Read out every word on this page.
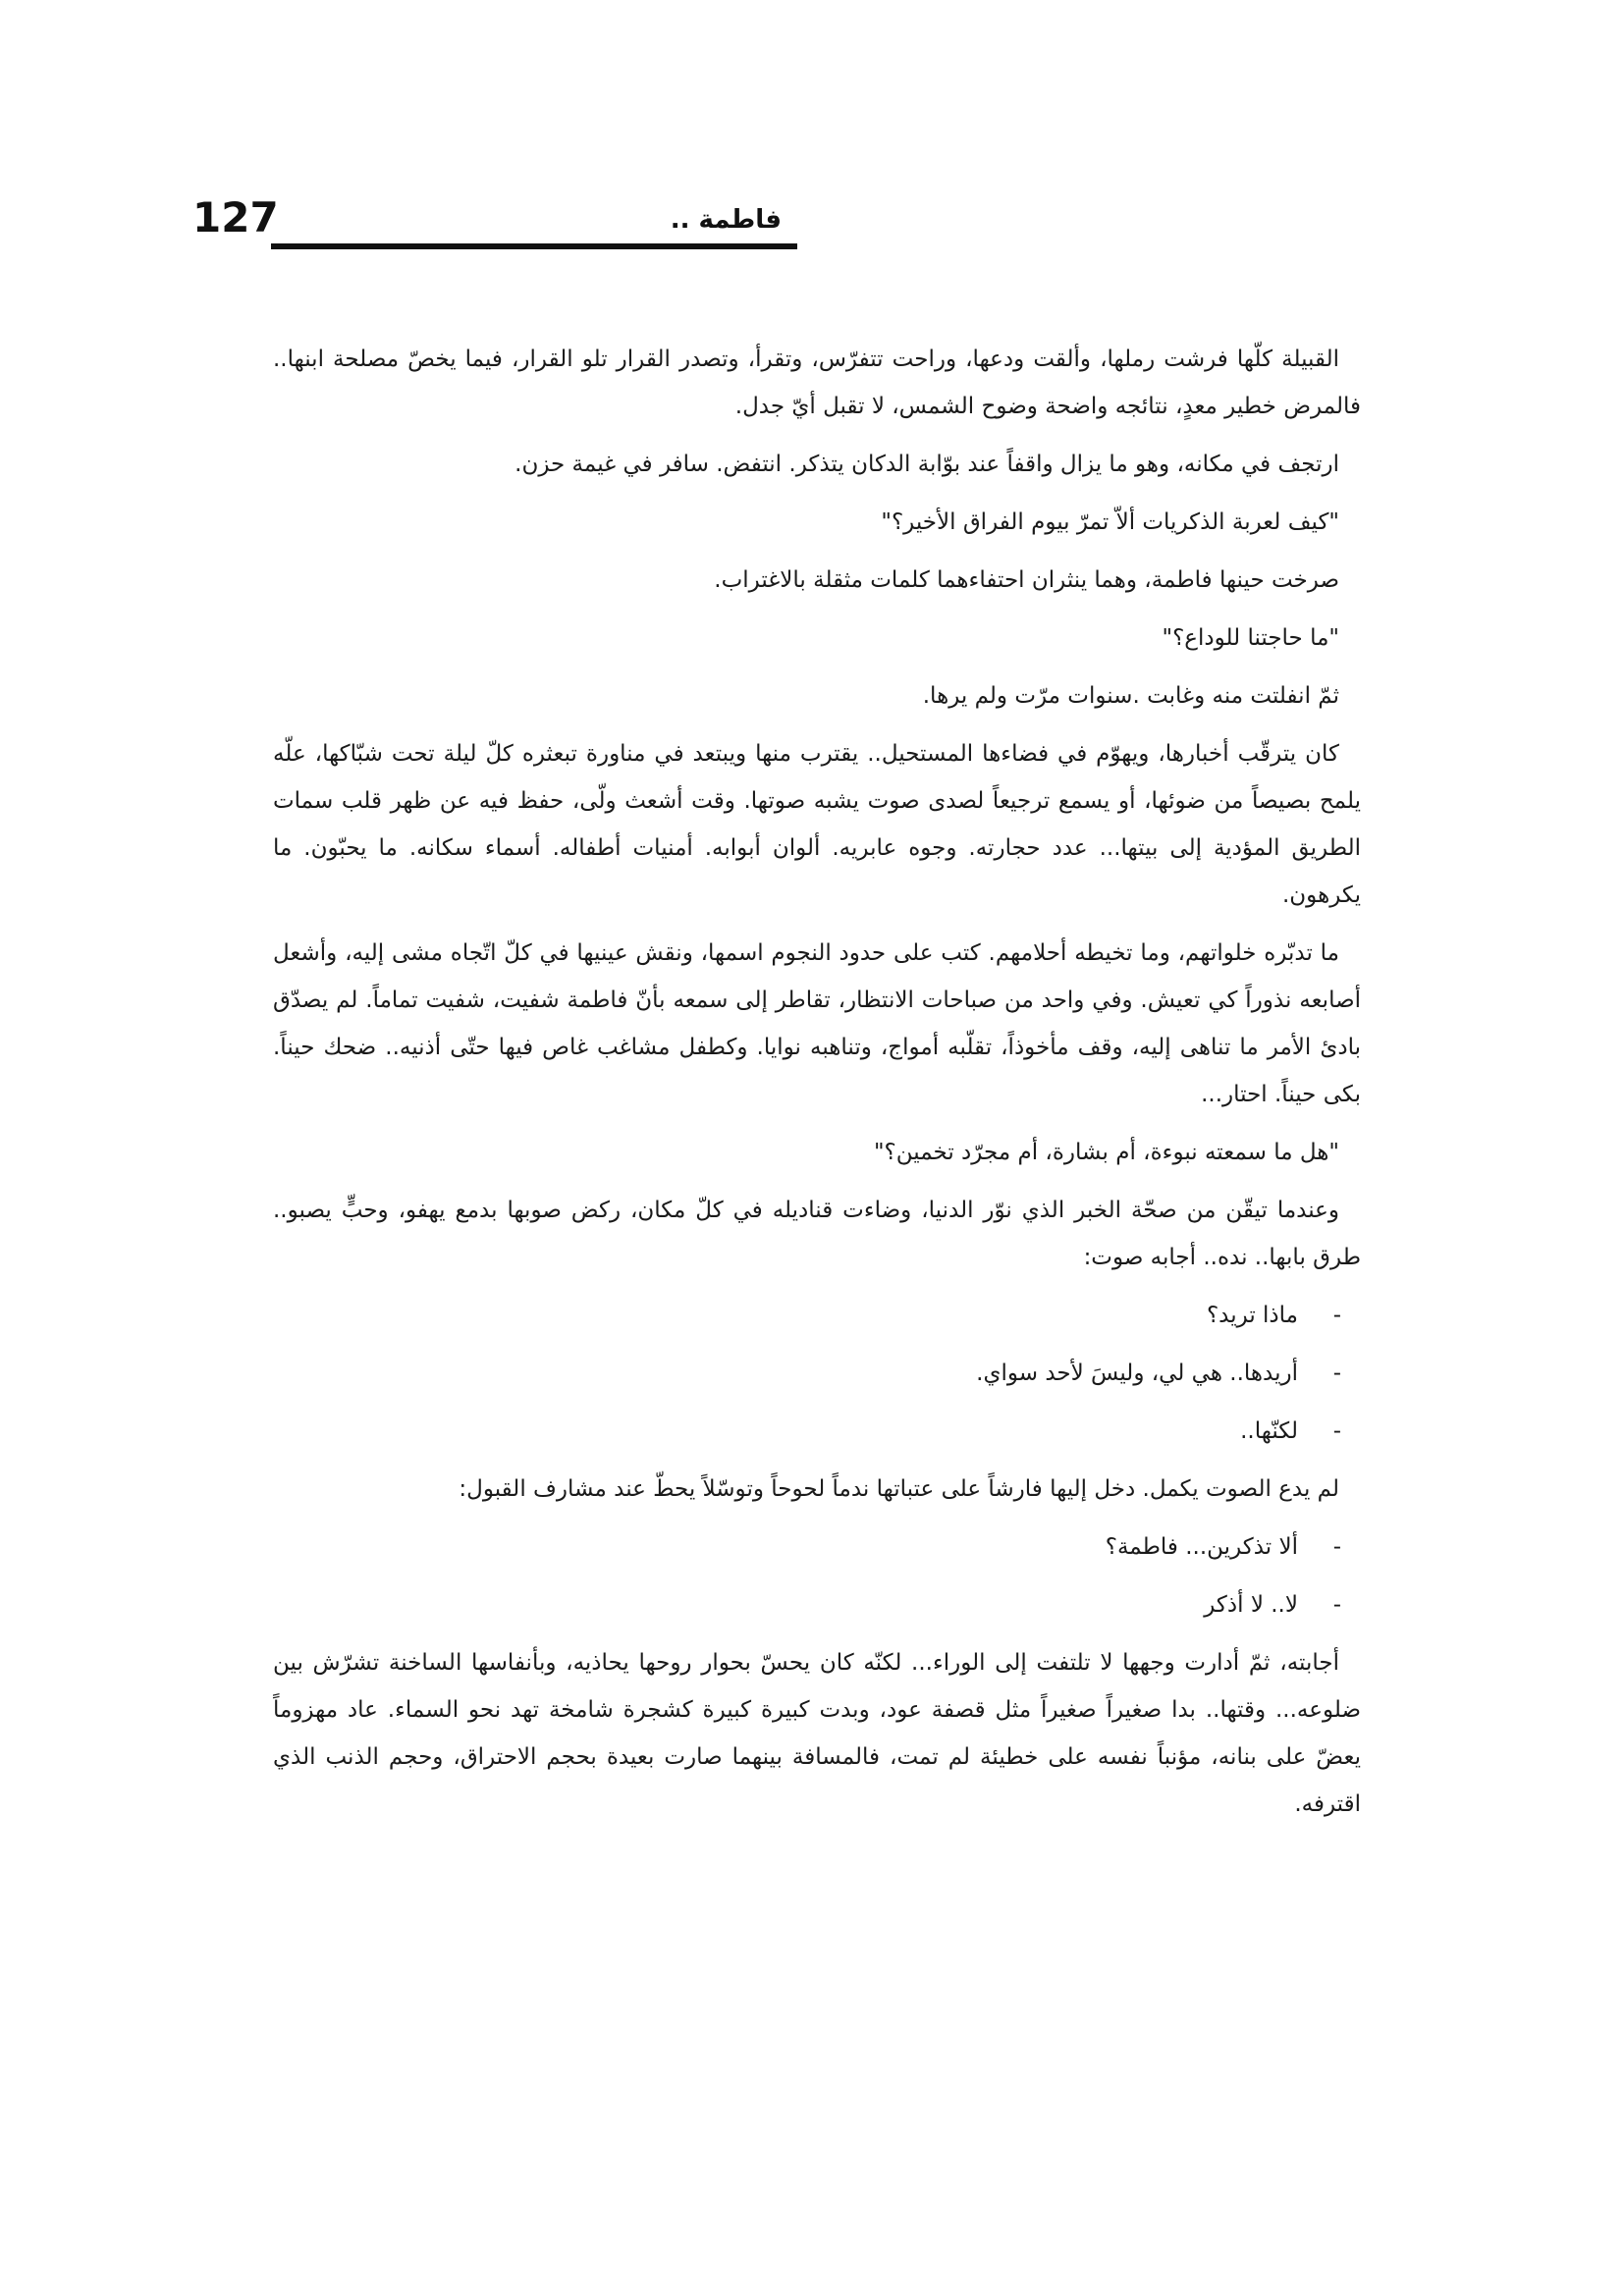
127	فاطمة ..

القبيلة كلّها فرشت رملها، وألقت ودعها، وراحت تتفرّس، وتقرأ، وتصدر القرار تلو القرار، فيما يخصّ مصلحة ابنها.. فالمرض خطير معدٍ، نتائجه واضحة وضوح الشمس، لا تقبل أيّ جدل.

ارتجف في مكانه، وهو ما يزال واقفاً عند بوّابة الدكان يتذكر. انتفض. سافر في غيمة حزن.

"كيف لعربة الذكريات ألاّ تمرّ بيوم الفراق الأخير؟"

صرخت حينها فاطمة، وهما ينثران احتفاءهما كلمات مثقلة بالاغتراب.

"ما حاجتنا للوداع؟"

ثمّ انفلتت منه وغابت .سنوات مرّت ولم يرها.

كان يترقّب أخبارها، ويهوّم في فضاءها المستحيل.. يقترب منها ويبتعد في مناورة تبعثره كلّ ليلة تحت شبّاكها، علّه يلمح بصيصاً من ضوئها، أو يسمع ترجيعاً لصدى صوت يشبه صوتها. وقت أشعث ولّى، حفظ فيه عن ظهر قلب سمات الطريق المؤدية إلى بيتها... عدد حجارته. وجوه عابريه. ألوان أبوابه. أمنيات أطفاله. أسماء سكانه. ما يحبّون. ما يكرهون.

ما تدبّره خلواتهم، وما تخيطه أحلامهم. كتب على حدود النجوم اسمها، ونقش عينيها في كلّ اتّجاه مشى إليه، وأشعل أصابعه نذوراً كي تعيش. وفي واحد من صباحات الانتظار، تقاطر إلى سمعه بأنّ فاطمة شفيت، شفيت تماماً. لم يصدّق بادئ الأمر ما تناهى إليه، وقف مأخوذاً، تقلّبه أمواج، وتناهبه نوايا. وكطفل مشاغب غاص فيها حتّى أذنيه.. ضحك حيناً. بكى حيناً. احتار...

"هل ما سمعته نبوءة، أم بشارة، أم مجرّد تخمين؟"

وعندما تيقّن من صحّة الخبر الذي نوّر الدنيا، وضاءت قناديله في كلّ مكان، ركض صوبها بدمع يهفو، وحبٍّ يصبو.. طرق بابها.. نده.. أجابه صوت:

-
ماذا تريد؟
-
أريدها.. هي لي، وليسَ لأحد سواي.
-
لكنّها..

لم يدع الصوت يكمل. دخل إليها فارشاً على عتباتها ندماً لحوحاً وتوسّلاً يحطّ عند مشارف القبول:

-
ألا تذكرين... فاطمة؟
-
لا.. لا أذكر

أجابته، ثمّ أدارت وجهها لا تلتفت إلى الوراء... لكنّه كان يحسّ بحوار روحها يحاذيه، وبأنفاسها الساخنة تشرّش بين ضلوعه... وقتها.. بدا صغيراً صغيراً مثل قصفة عود، وبدت كبيرة كبيرة كشجرة شامخة تهد نحو السماء. عاد مهزوماً يعضّ على بنانه، مؤنباً نفسه على خطيئة لم تمت، فالمسافة بينهما صارت بعيدة بحجم الاحتراق، وحجم الذنب الذي اقترفه.
